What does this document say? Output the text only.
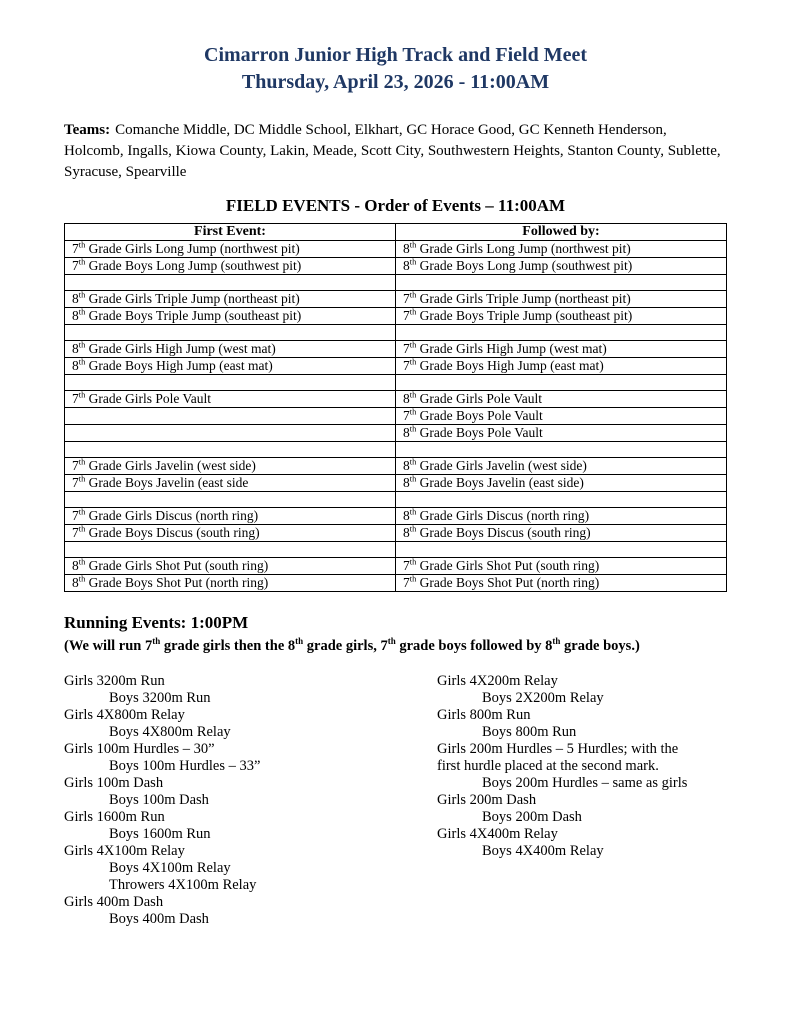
Cimarron Junior High Track and Field Meet
Thursday, April 23, 2026 - 11:00AM

Teams: Comanche Middle, DC Middle School, Elkhart, GC Horace Good, GC Kenneth Henderson, Holcomb, Ingalls, Kiowa County, Lakin, Meade, Scott City, Southwestern Heights, Stanton County, Sublette, Syracuse, Spearville

FIELD EVENTS - Order of Events – 11:00AM
First Event:	Followed by:
7th Grade Girls Long Jump (northwest pit)	8th Grade Girls Long Jump (northwest pit)
7th Grade Boys Long Jump (southwest pit)	8th Grade Boys Long Jump (southwest pit)

8th Grade Girls Triple Jump (northeast pit)	7th Grade Girls Triple Jump (northeast pit)
8th Grade Boys Triple Jump (southeast pit)	7th Grade Boys Triple Jump (southeast pit)

8th Grade Girls High Jump (west mat)	7th Grade Girls High Jump (west mat)
8th Grade Boys High Jump (east mat)	7th Grade Boys High Jump (east mat)

7th Grade Girls Pole Vault	8th Grade Girls Pole Vault
	7th Grade Boys Pole Vault
	8th Grade Boys Pole Vault

7th Grade Girls Javelin (west side)	8th Grade Girls Javelin (west side)
7th Grade Boys Javelin (east side	8th Grade Boys Javelin (east side)

7th Grade Girls Discus (north ring)	8th Grade Girls Discus (north ring)
7th Grade Boys Discus (south ring)	8th Grade Boys Discus (south ring)

8th Grade Girls Shot Put (south ring)	7th Grade Girls Shot Put (south ring)
8th Grade Boys Shot Put (north ring)	7th Grade Boys Shot Put (north ring)
Running Events: 1:00PM
(We will run 7th grade girls then the 8th grade girls, 7th grade boys followed by 8th grade boys.)
Girls 3200m Run
Boys 3200m Run
Girls 4X800m Relay
Boys 4X800m Relay
Girls 100m Hurdles – 30”
Boys 100m Hurdles – 33”
Girls 100m Dash
Boys 100m Dash
Girls 1600m Run
Boys 1600m Run
Girls 4X100m Relay
Boys 4X100m Relay
Throwers 4X100m Relay
Girls 400m Dash
Boys 400m Dash
Girls 4X200m Relay
Boys 2X200m Relay
Girls 800m Run
Boys 800m Run
Girls 200m Hurdles – 5 Hurdles; with the
first hurdle placed at the second mark.
Boys 200m Hurdles – same as girls
Girls 200m Dash
Boys 200m Dash
Girls 4X400m Relay
Boys 4X400m Relay
